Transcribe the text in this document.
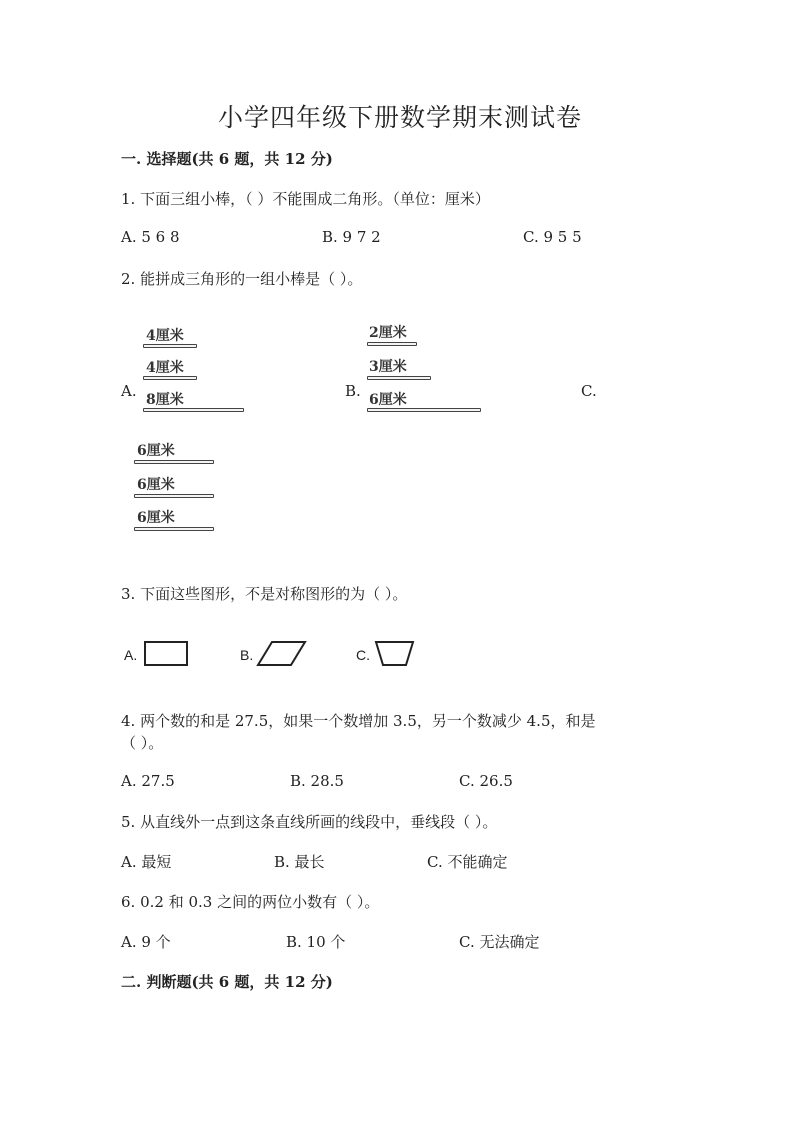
小学四年级下册数学期末测试卷
一. 选择题(共 6 题，共 12 分)
1. 下面三组小棒，（ ）不能围成二角形。（单位：厘米）
A. 5 6 8	B. 9 7 2	C. 9 5 5
2. 能拼成三角形的一组小棒是（ ）。
A.
4厘米
4厘米
8厘米	B.
2厘米
3厘米
6厘米	C.
6厘米
6厘米
6厘米
3. 下面这些图形，不是对称图形的为（ ）。
A.	B.	C.
4. 两个数的和是 27.5，如果一个数增加 3.5，另一个数减少 4.5，和是
（ ）。
A. 27.5	B. 28.5	C. 26.5
5. 从直线外一点到这条直线所画的线段中，垂线段（ ）。
A. 最短	B. 最长	C. 不能确定
6. 0.2 和 0.3 之间的两位小数有（ ）。
A. 9 个	B. 10 个	C. 无法确定
二. 判断题(共 6 题，共 12 分)
